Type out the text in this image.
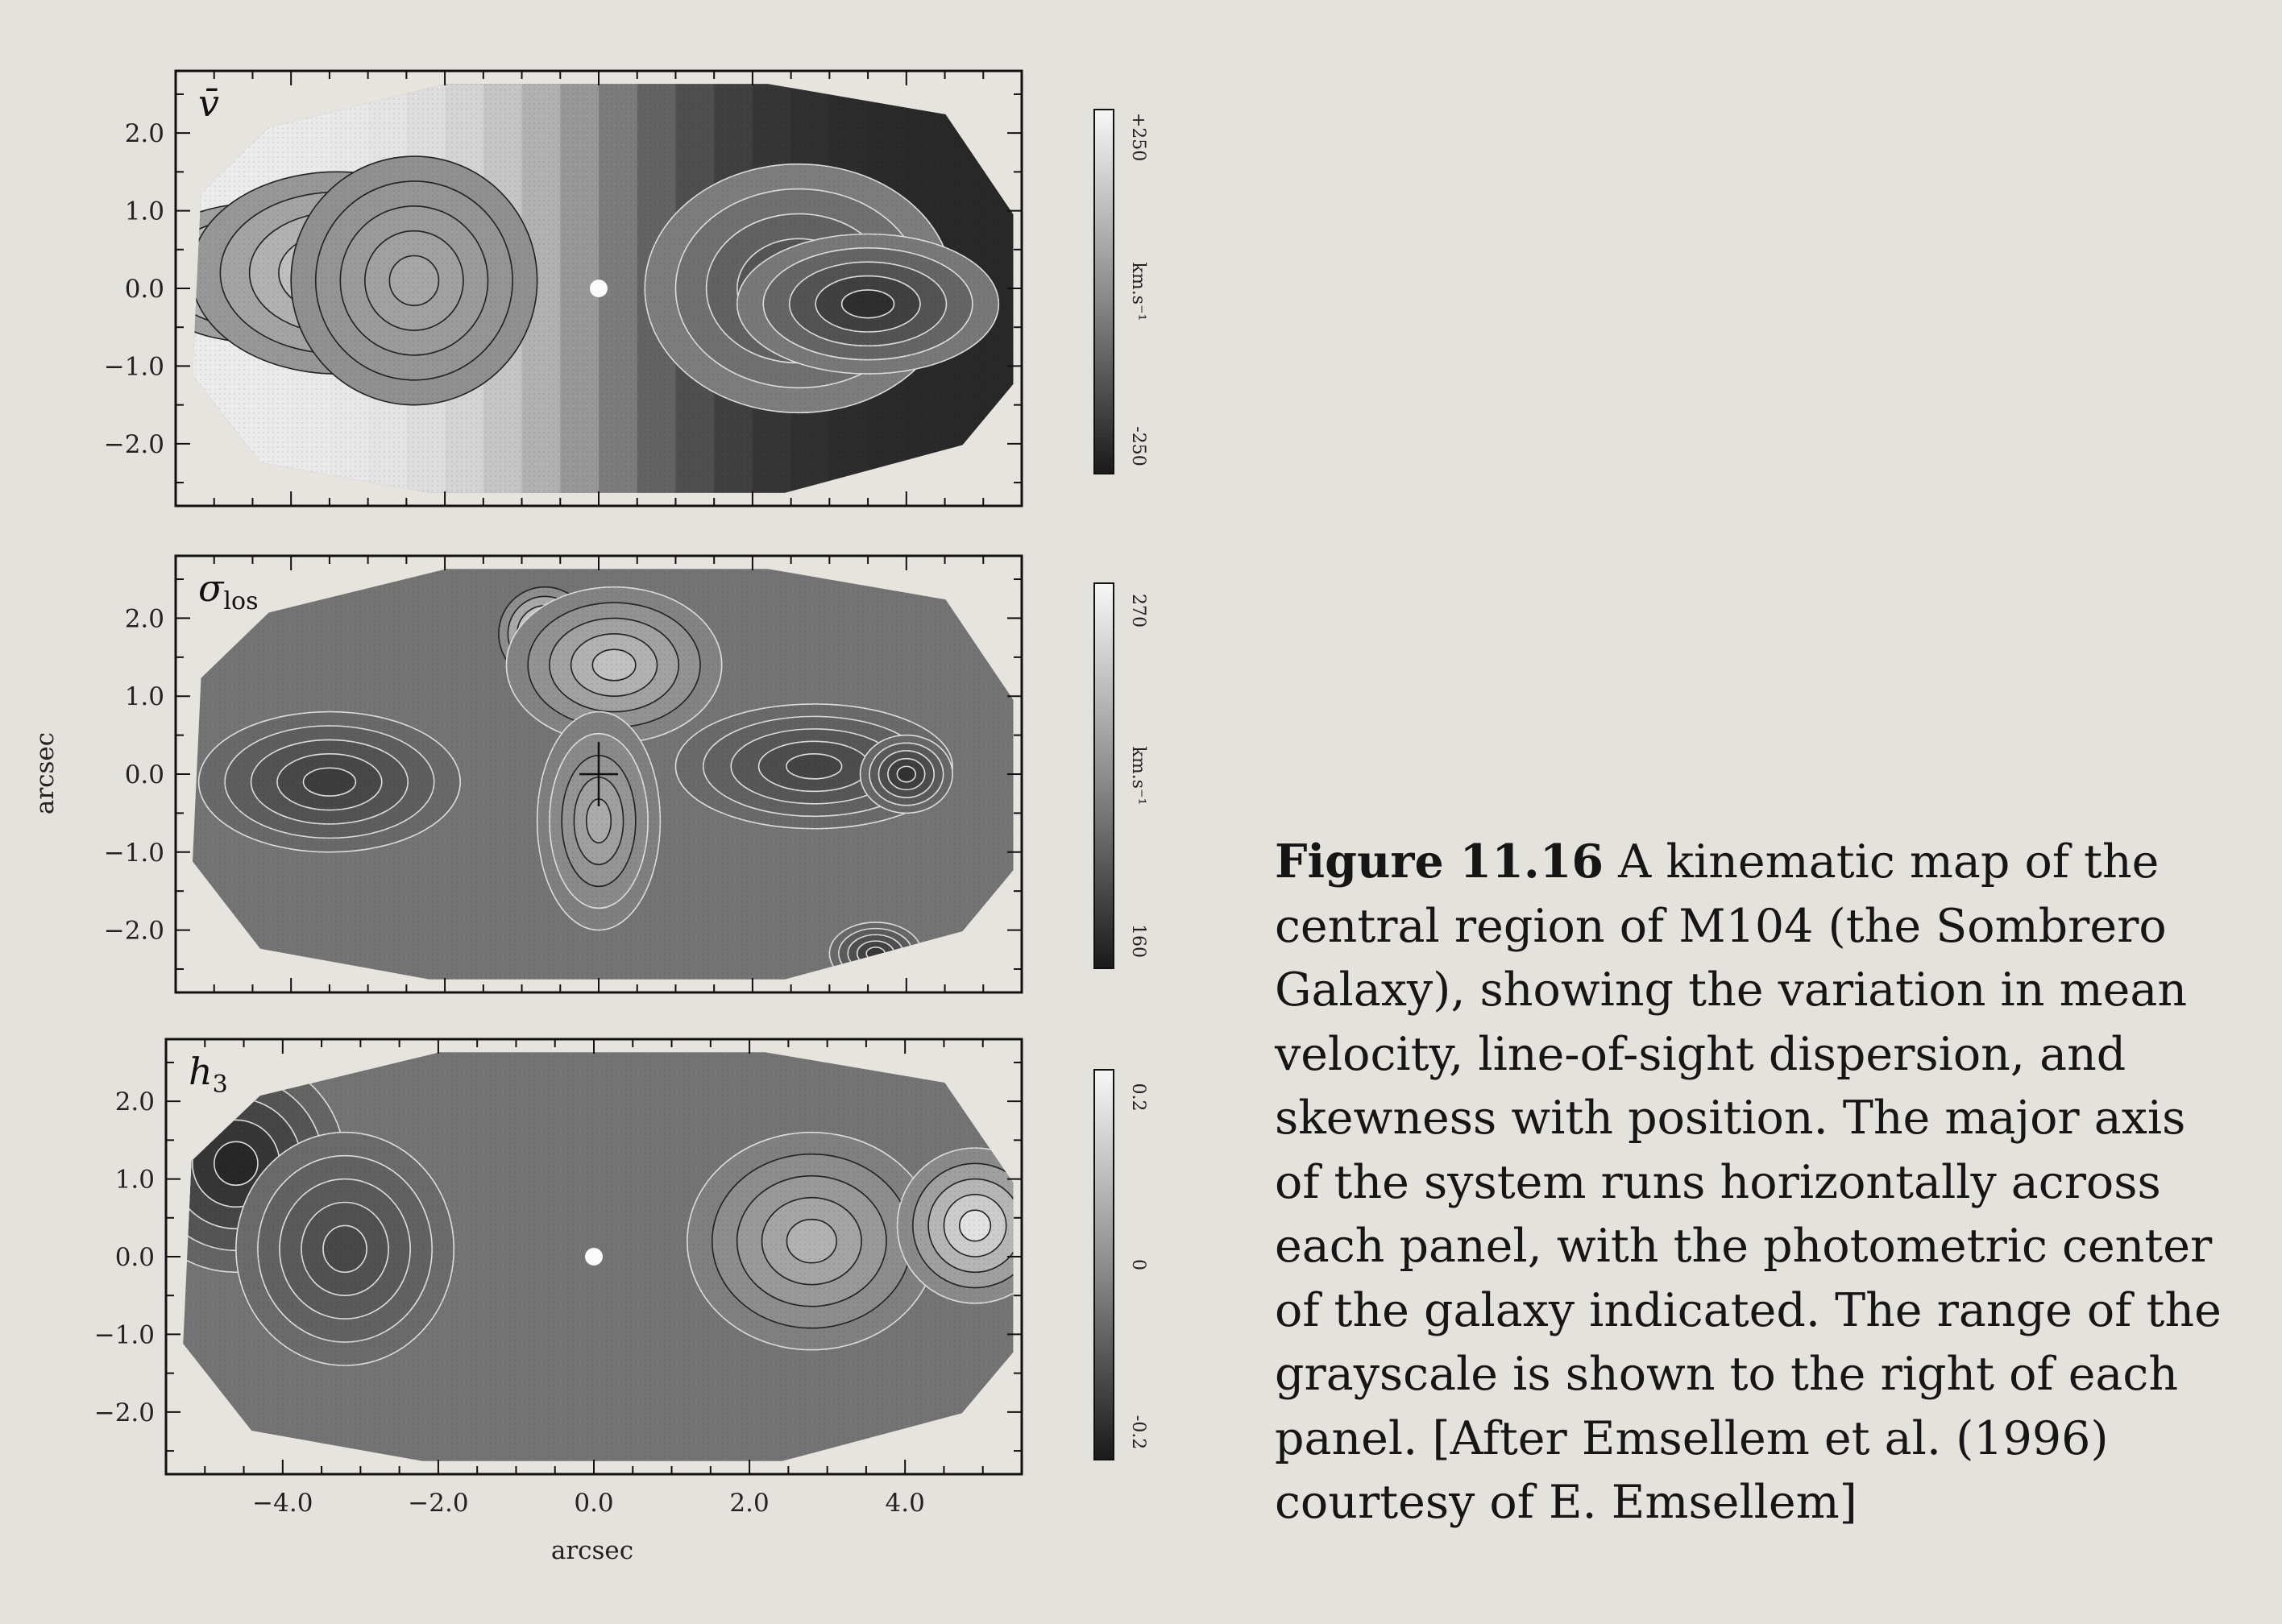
2.0
1.0
0.0
−1.0
−2.0
v̄
+250
-250
km.s⁻¹
2.0
1.0
0.0
−1.0
−2.0
$\sigma_{los}$	270
160
km.s⁻¹
2.0
1.0
0.0
−1.0
−2.0
−4.0	−2.0	0.0	2.0	4.0
$h_3$	0.2
-0.2
0
arcsec
arcsec

Figure 11.16 A kinematic map of the central region of M104 (the Sombrero Galaxy), showing the variation in mean velocity, line-of-sight dispersion, and skewness with position. The major axis of the system runs horizontally across each panel, with the photometric center of the galaxy indicated. The range of the grayscale is shown to the right of each panel. [After Emsellem et al. (1996) courtesy of E. Emsellem]
